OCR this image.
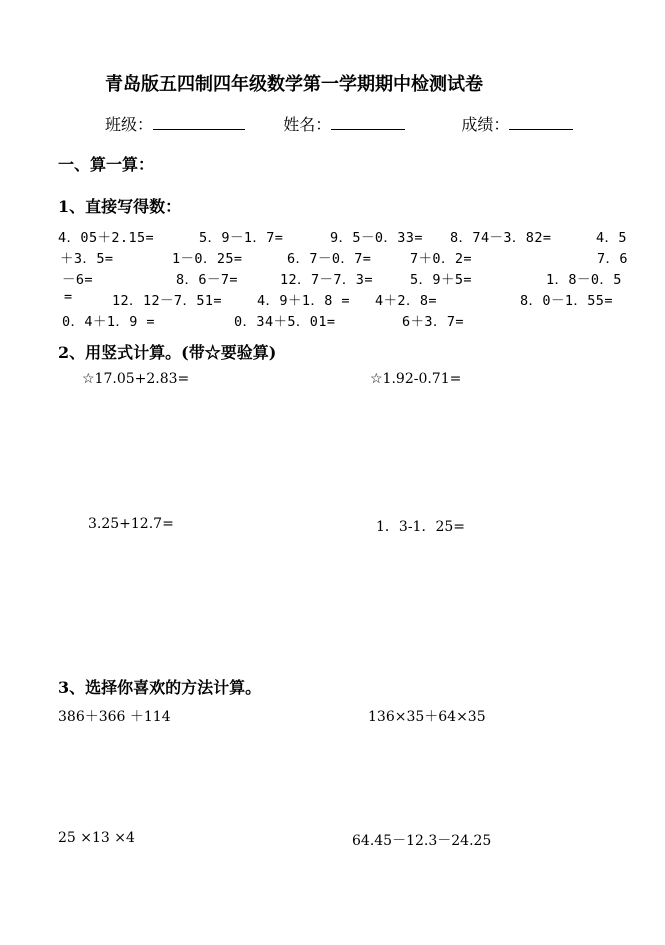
青岛版五四制四年级数学第一学期期中检测试卷
班级：	姓名：	成绩：
一、算一算：
1、直接写得数：
4．05＋2.15=	5．9－1．7=	9．5－0．33= 8．74－3．82=	4．5
＋3．5=	1－0．25=	6．7－0．7=	7＋0．2=	7．6
－6=	8．6－7=	12．7－7．3=	5．9＋5=	1．8－0．5
=	12．12－7．51=	4．9＋1．8 = 4＋2．8=	8．0－1．55=
0．4＋1．9 =	0．34＋5．01=	6＋3．7=
2、用竖式计算。(带☆要验算)
☆17.05+2.83=	☆1.92-0.71=
3.25+12.7=	1．3-1．25=
3、选择你喜欢的方法计算。
386＋366 ＋114	136×35＋64×35
25 ×13 ×4	64.45－12.3－24.25
